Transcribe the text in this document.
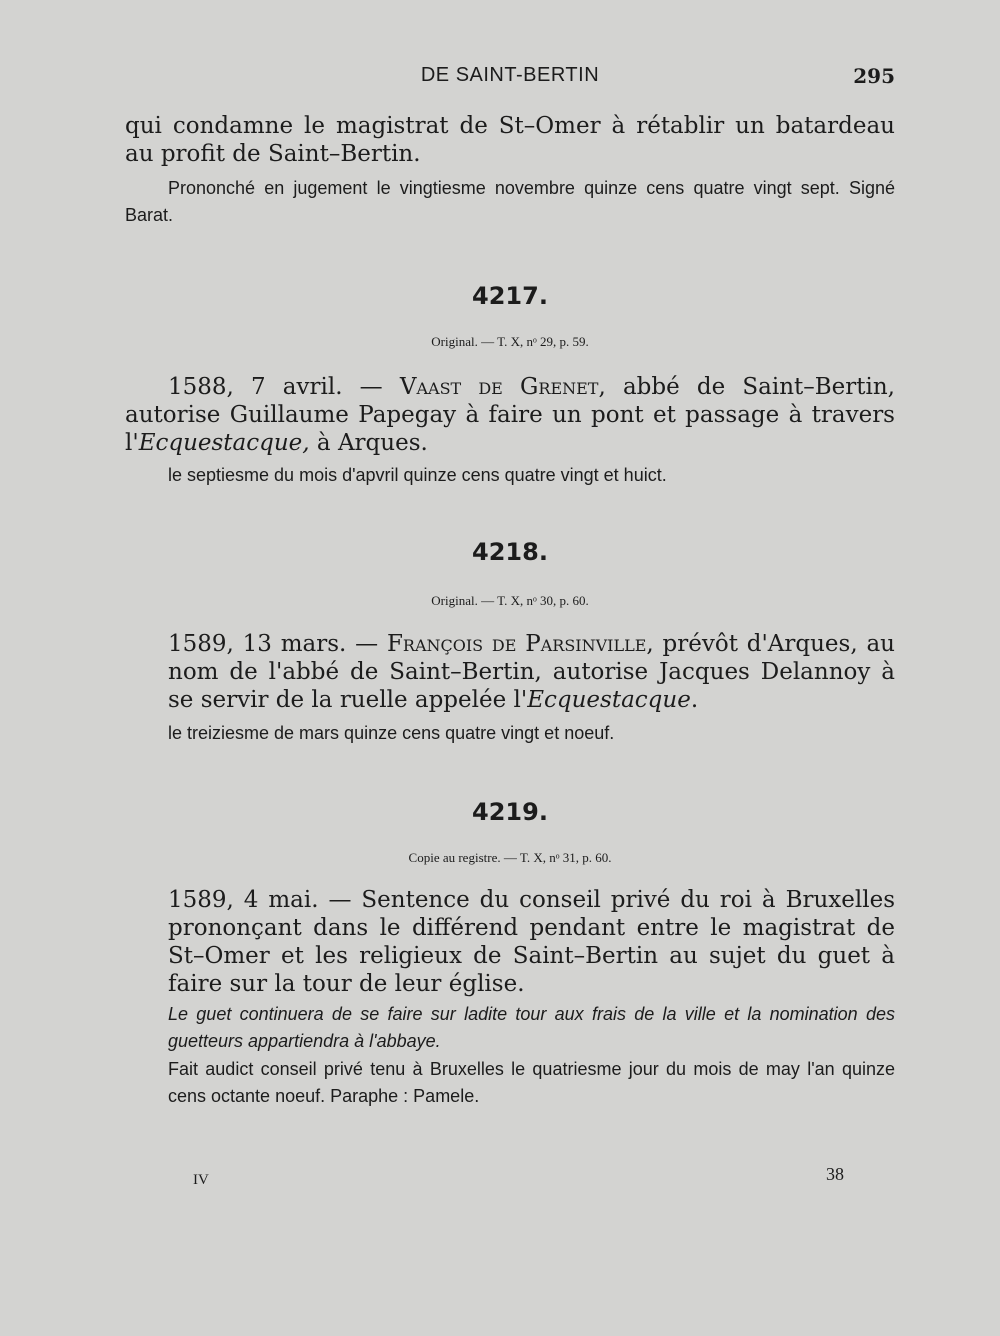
DE SAINT-BERTIN	295

qui condamne le magistrat de St–Omer à rétablir un batardeau au profit de Saint–Bertin.

Prononché en jugement le vingtiesme novembre quinze cens quatre vingt sept. Signé Barat.

4217.
Original. — T. X, nᵒ 29, p. 59.

1588, 7 avril. — Vaast de Grenet, abbé de Saint–Bertin, autorise Guillaume Papegay à faire un pont et passage à travers l'Ecquestacque, à Arques.

le septiesme du mois d'apvril quinze cens quatre vingt et huict.

4218.
Original. — T. X, nᵒ 30, p. 60.

1589, 13 mars. — François de Parsinville, prévôt d'Arques, au nom de l'abbé de Saint–Bertin, autorise Jacques Delannoy à se servir de la ruelle appelée l'Ecquestacque.

le treiziesme de mars quinze cens quatre vingt et noeuf.

4219.
Copie au registre. — T. X, nᵒ 31, p. 60.

1589, 4 mai. — Sentence du conseil privé du roi à Bruxelles prononçant dans le différend pendant entre le magistrat de St–Omer et les religieux de Saint–Bertin au sujet du guet à faire sur la tour de leur église.

Le guet continuera de se faire sur ladite tour aux frais de la ville et la nomination des guetteurs appartiendra à l'abbaye.

Fait audict conseil privé tenu à Bruxelles le quatriesme jour du mois de may l'an quinze cens octante noeuf. Paraphe : Pamele.

IV	38
